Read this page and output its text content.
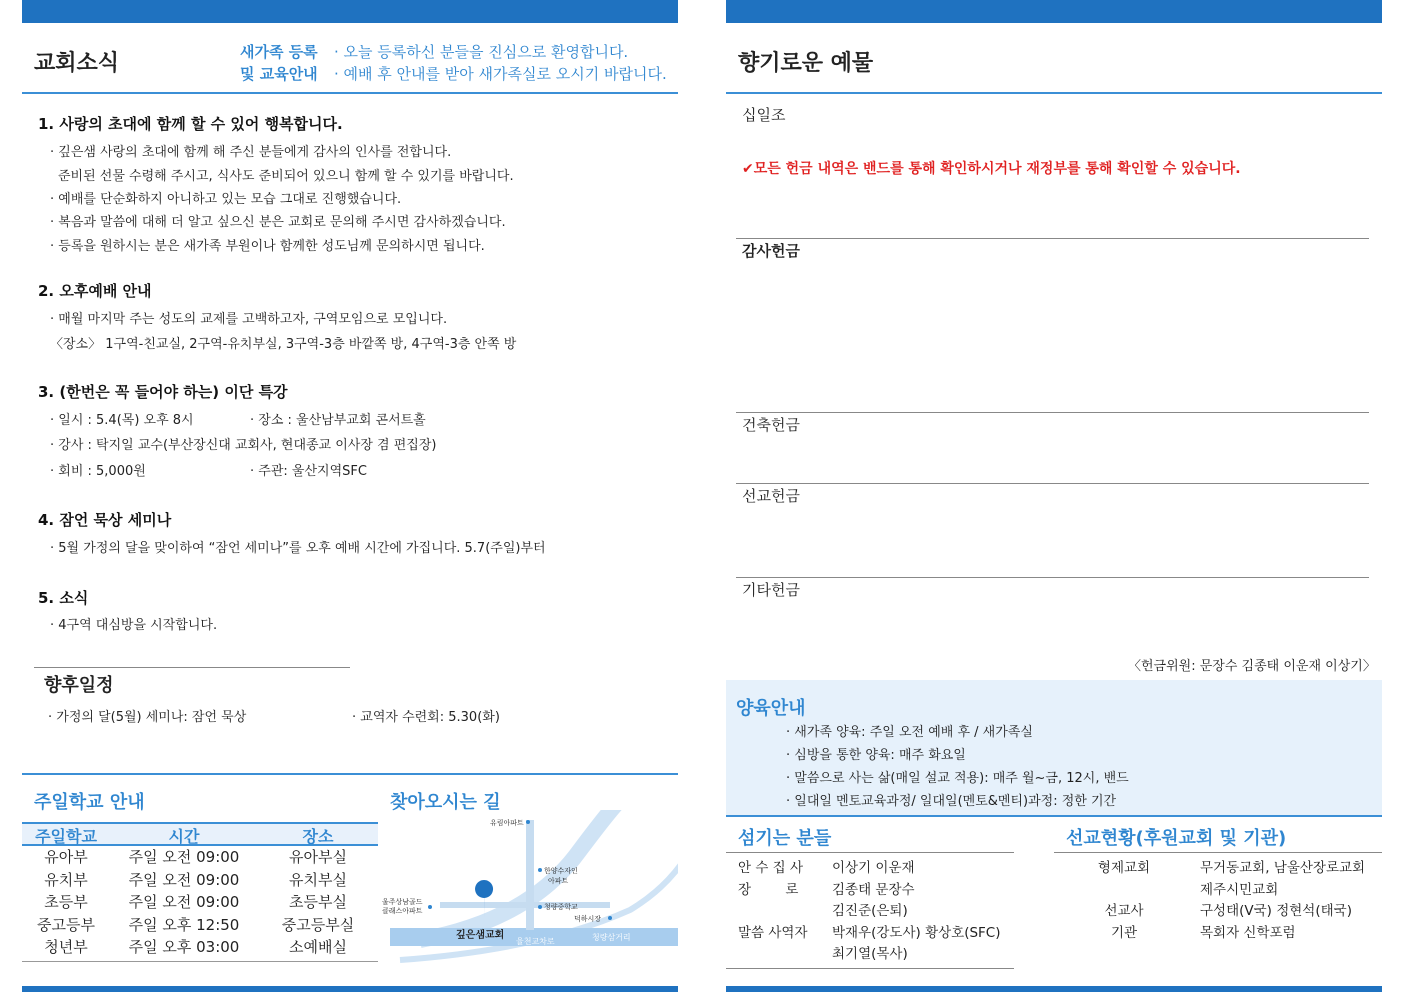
교회소식	새가족 등록
및 교육안내
· 오늘 등록하신 분들을 진심으로 환영합니다.
· 예배 후 안내를 받아 새가족실로 오시기 바랍니다.
1. 사랑의 초대에 함께 할 수 있어 행복합니다.
· 깊은샘 사랑의 초대에 함께 해 주신 분들에게 감사의 인사를 전합니다.
준비된 선물 수령해 주시고, 식사도 준비되어 있으니 함께 할 수 있기를 바랍니다.
· 예배를 단순화하지 아니하고 있는 모습 그대로 진행했습니다.
· 복음과 말씀에 대해 더 알고 싶으신 분은 교회로 문의해 주시면 감사하겠습니다.
· 등록을 원하시는 분은 새가족 부원이나 함께한 성도님께 문의하시면 됩니다.
2. 오후예배 안내
· 매월 마지막 주는 성도의 교제를 고백하고자, 구역모임으로 모입니다.
〈장소〉 1구역-친교실, 2구역-유치부실, 3구역-3층 바깥쪽 방, 4구역-3층 안쪽 방
3. (한번은 꼭 들어야 하는) 이단 특강
· 일시 : 5.4(목) 오후 8시	· 장소 : 울산남부교회 콘서트홀
· 강사 : 탁지일 교수(부산장신대 교회사, 현대종교 이사장 겸 편집장)
· 회비 : 5,000원	· 주관: 울산지역SFC
4. 잠언 묵상 세미나
· 5월 가정의 달을 맞이하여 “잠언 세미나”를 오후 예배 시간에 가집니다. 5.7(주일)부터
5. 소식
· 4구역 대심방을 시작합니다.
향후일정
· 가정의 달(5월) 세미나: 잠언 묵상	· 교역자 수련회: 5.30(화)
주일학교 안내
주일학교	시간	장소
유아부	주일 오전 09:00	유아부실
유치부	주일 오전 09:00	유치부실
초등부	주일 오전 09:00	초등부실
중고등부	주일 오후 12:50	중고등부실
청년부	주일 오후 03:00	소예배실
찾아오시는 길
유림아파트
한양수자인
아파트
울주상남골드
클래스아파트	청량중학교
덕하시장
깊은샘교회
율천교차로	청량삼거리
향기로운 예물
십일조
✔모든 헌금 내역은 밴드를 통해 확인하시거나 재정부를 통해 확인할 수 있습니다.
감사헌금
건축헌금
선교헌금
기타헌금
〈헌금위원: 문장수 김종태 이운재 이상기〉
양육안내
· 새가족 양육: 주일 오전 예배 후 / 새가족실
· 심방을 통한 양육: 매주 화요일
· 말씀으로 사는 삶(매일 설교 적용): 매주 월~금, 12시, 밴드
· 일대일 멘토교육과정/ 일대일(멘토&멘티)과정: 정한 기간
섬기는 분들
안 수 집 사	이상기 이운재
장        로	김종태 문장수
김진준(은퇴)
말씀 사역자	박재우(강도사) 황상호(SFC)
최기열(목사)
선교현황(후원교회 및 기관)
형제교회	무거동교회, 남울산장로교회
제주시민교회
선교사	구성태(V국) 정현석(태국)
기관	목회자 신학포럼
